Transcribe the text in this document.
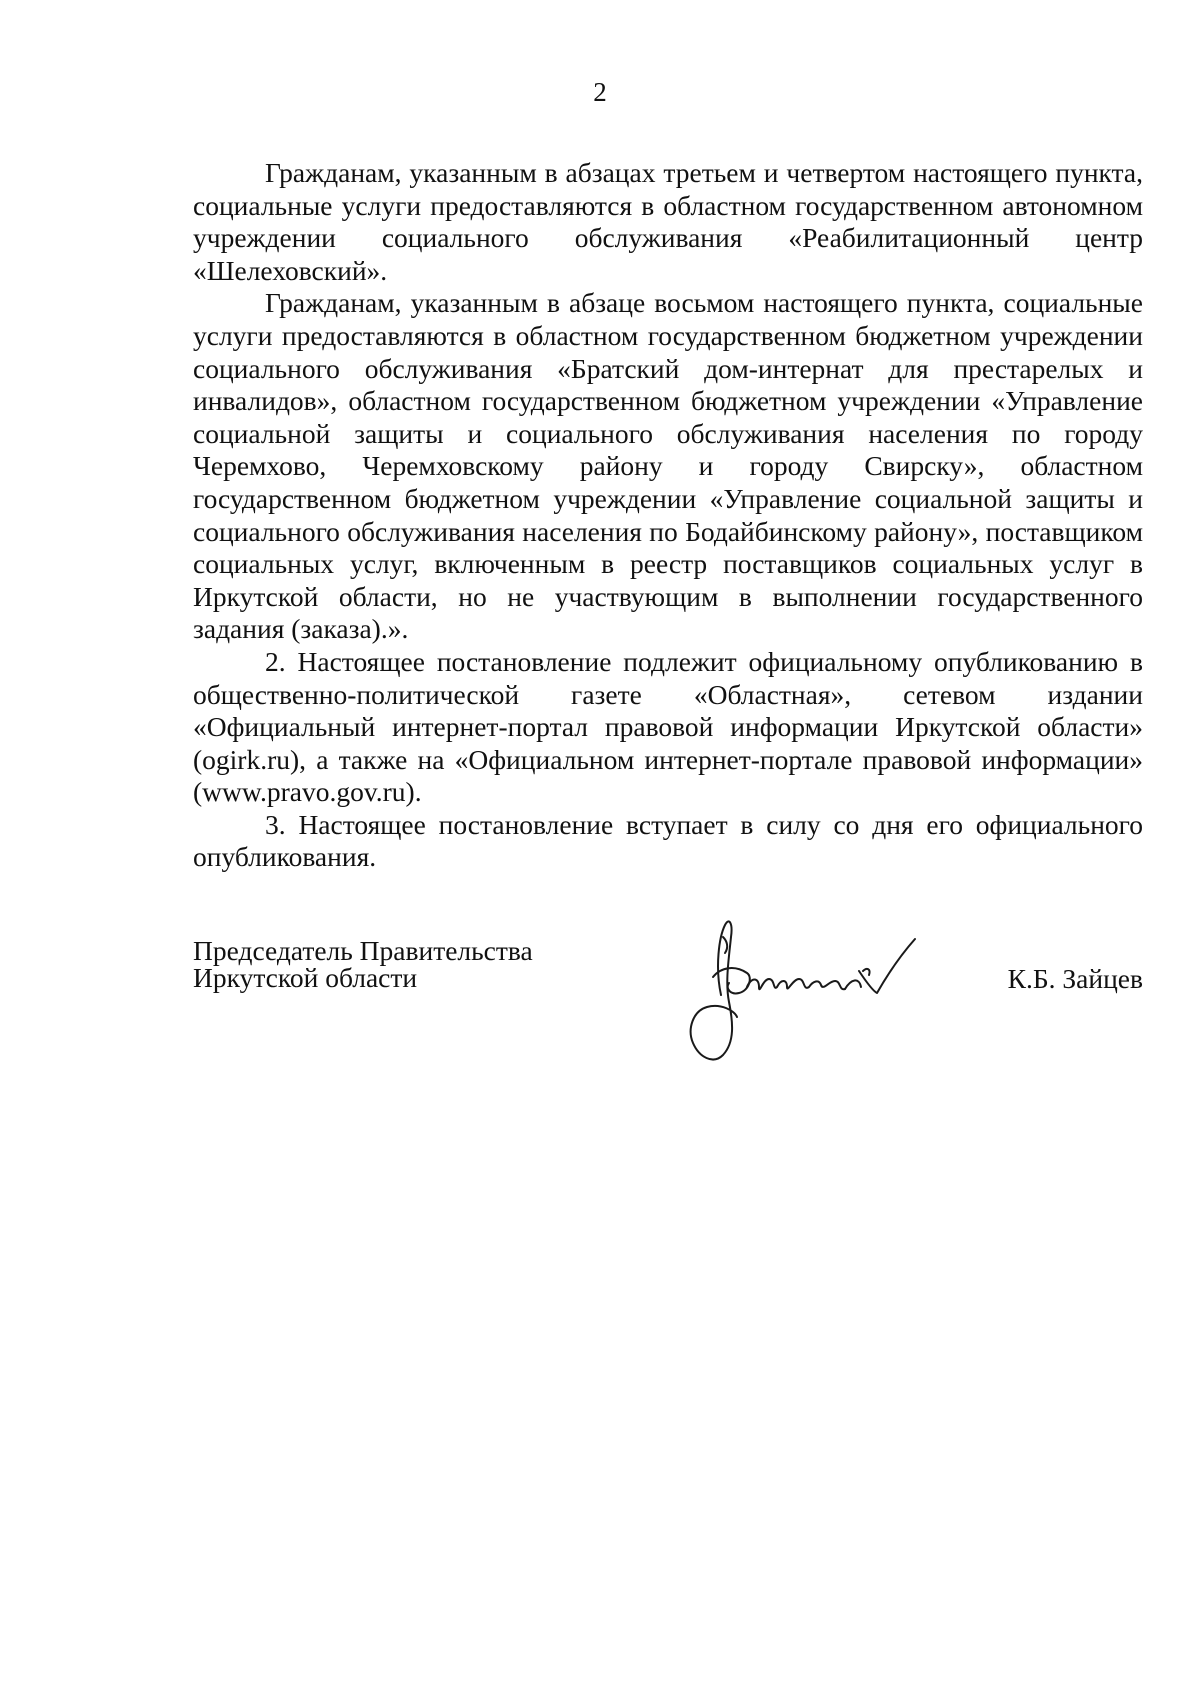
2

Гражданам, указанным в абзацах третьем и четвертом настоящего пункта, социальные услуги предоставляются в областном государственном автономном учреждении социального обслуживания «Реабилитационный центр «Шелеховский».

Гражданам, указанным в абзаце восьмом настоящего пункта, социальные услуги предоставляются в областном государственном бюджетном учреждении социального обслуживания «Братский дом-интернат для престарелых и инвалидов», областном государственном бюджетном учреждении «Управление социальной защиты и социального обслуживания населения по городу Черемхово, Черемховскому району и городу Свирску», областном государственном бюджетном учреждении «Управление социальной защиты и социального обслуживания населения по Бодайбинскому району», поставщиком социальных услуг, включенным в реестр поставщиков социальных услуг в Иркутской области, но не участвующим в выполнении государственного задания (заказа).».

2. Настоящее постановление подлежит официальному опубликованию в общественно-политической газете «Областная», сетевом издании «Официальный интернет-портал правовой информации Иркутской области» (ogirk.ru), а также на «Официальном интернет-портале правовой информации» (www.pravo.gov.ru).

3. Настоящее постановление вступает в силу со дня его официального опубликования.

Председатель Правительства
Иркутской области	К.Б. Зайцев
